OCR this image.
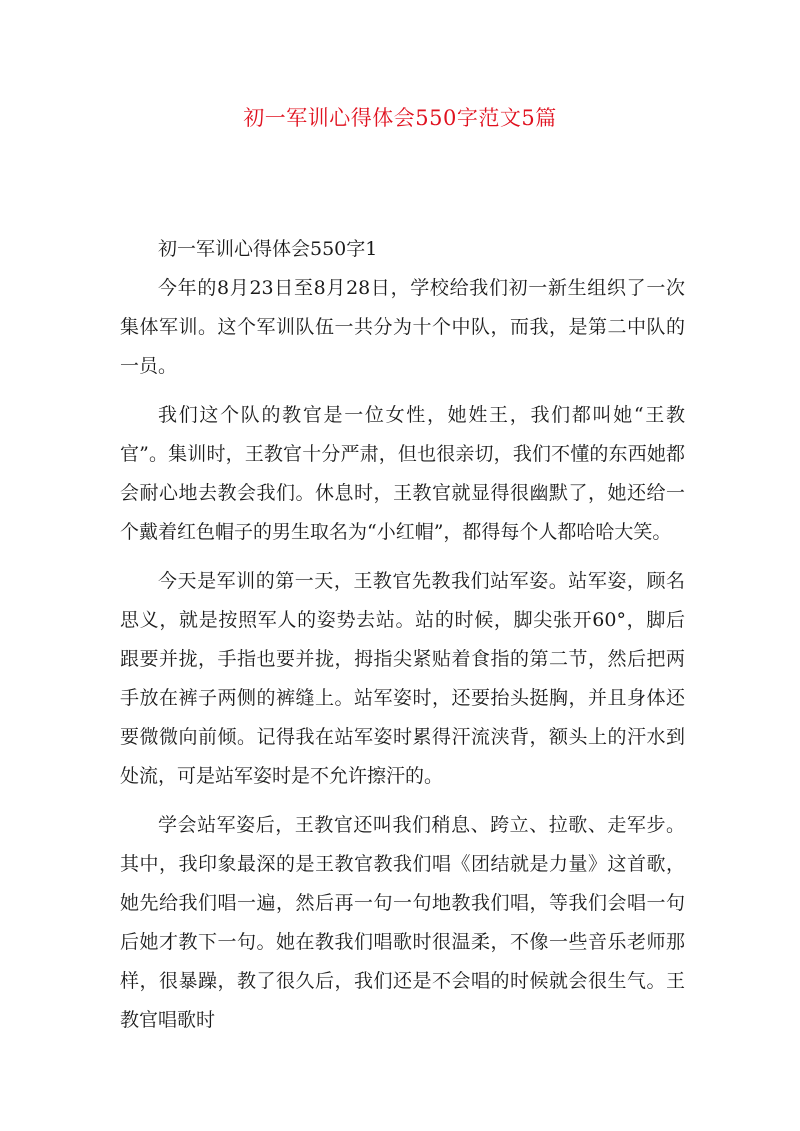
初一军训心得体会550字范文5篇

初一军训心得体会550字1

今年的8月23日至8月28日，学校给我们初一新生组织了一次集体军训。这个军训队伍一共分为十个中队，而我，是第二中队的一员。

我们这个队的教官是一位女性，她姓王，我们都叫她“王教官”。集训时，王教官十分严肃，但也很亲切，我们不懂的东西她都会耐心地去教会我们。休息时，王教官就显得很幽默了，她还给一个戴着红色帽子的男生取名为“小红帽”，都得每个人都哈哈大笑。

今天是军训的第一天，王教官先教我们站军姿。站军姿，顾名思义，就是按照军人的姿势去站。站的时候，脚尖张开60°，脚后跟要并拢，手指也要并拢，拇指尖紧贴着食指的第二节，然后把两手放在裤子两侧的裤缝上。站军姿时，还要抬头挺胸，并且身体还要微微向前倾。记得我在站军姿时累得汗流浃背，额头上的汗水到处流，可是站军姿时是不允许擦汗的。

学会站军姿后，王教官还叫我们稍息、跨立、拉歌、走军步。其中，我印象最深的是王教官教我们唱《团结就是力量》这首歌，她先给我们唱一遍，然后再一句一句地教我们唱，等我们会唱一句后她才教下一句。她在教我们唱歌时很温柔，不像一些音乐老师那样，很暴躁，教了很久后，我们还是不会唱的时候就会很生气。王教官唱歌时
